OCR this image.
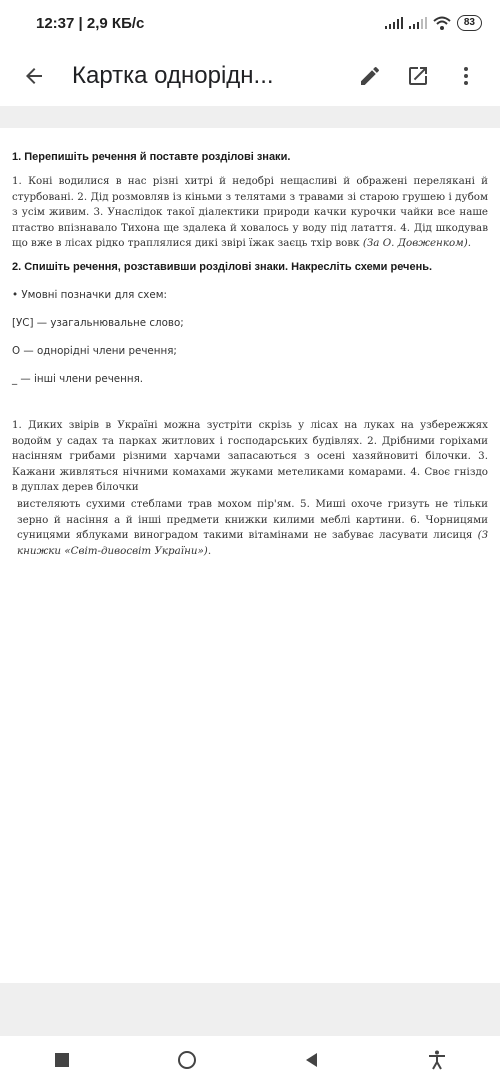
12:37 | 2,9 КБ/с	83
Картка однорідн...
1. Перепишіть речення й поставте розділові знаки.

1. Коні водилися в нас різні хитрі й недобрі нещасливі й ображені перелякані й стурбовані. 2. Дід розмовляв із кіньми з телятами з травами зі старою грушею і дубом з усім живим. 3. Унаслідок такої діалектики природи качки курочки чайки все наше птаство впізнавало Тихона ще здалека й ховалось у воду під латаття. 4. Дід шкодував що вже в лісах рідко траплялися дикі звірі їжак заєць тхір вовк (За О. Довженком).

2. Спишіть речення, розставивши розділові знаки. Накресліть схеми речень.
• Умовні позначки для схем:
[УС] — узагальнювальне слово;
О — однорідні члени речення;
_ — інші члени речення.

1. Диких звірів в Україні можна зустріти скрізь у лісах на луках на узбережжях водойм у садах та парках житлових і господарських будівлях. 2. Дрібними горіхами насінням грибами різними харчами запасаються з осені хазяйновиті білочки. 3. Кажани живляться нічними комахами жуками метеликами комарами. 4. Своє гніздо в дуплах дерев білочки

вистеляють сухими стеблами трав мохом пір'ям. 5. Миші охоче гризуть не тільки зерно й насіння а й інші предмети книжки килими меблі картини. 6. Чорницями суницями яблуками виноградом такими вітамінами не забуває ласувати лисиця (З книжки «Світ-дивосвіт України»).
